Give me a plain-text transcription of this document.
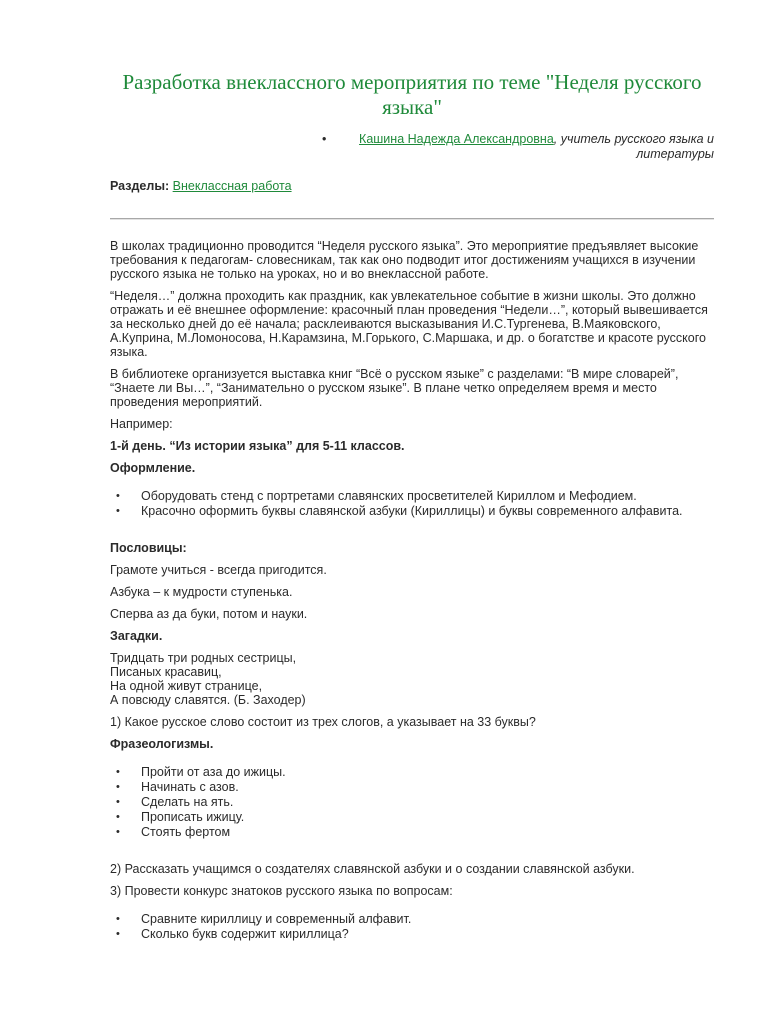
Разработка внеклассного мероприятия по теме "Неделя русского языка"
•	Кашина Надежда Александровна, учитель русского языка и литературы
Разделы: Внеклассная работа

В школах традиционно проводится “Неделя русского языка”. Это мероприятие предъявляет высокие требования к педагогам- словесникам, так как оно подводит итог достижениям учащихся в изучении русского языка не только на уроках, но и во внеклассной работе.

“Неделя…” должна проходить как праздник, как увлекательное событие в жизни школы. Это должно отражать и её внешнее оформление: красочный план проведения “Недели…”, который вывешивается за несколько дней до её начала; расклеиваются высказывания И.С.Тургенева, В.Маяковского, А.Куприна, М.Ломоносова, Н.Карамзина, М.Горького, С.Маршака, и др. о богатстве и красоте русского языка.

В библиотеке организуется выставка книг “Всё о русском языке” с разделами: “В мире словарей”, “Знаете ли Вы…”, “Занимательно о русском языке”. В плане четко определяем время и место проведения мероприятий.

Например:

1-й день. “Из истории языка” для 5-11 классов.

Оформление.

• Оборудовать стенд с портретами славянских просветителей Кириллом и Мефодием.
• Красочно оформить буквы славянской азбуки (Кириллицы) и буквы современного алфавита.

Пословицы:

Грамоте учиться - всегда пригодится.

Азбука – к мудрости ступенька.

Сперва аз да буки, потом и науки.

Загадки.

Тридцать три родных сестрицы,
Писаных красавиц,
На одной живут странице,
А повсюду славятся. (Б. Заходер)

1) Какое русское слово состоит из трех слогов, а указывает на 33 буквы?

Фразеологизмы.

• Пройти от аза до ижицы.
• Начинать с азов.
• Сделать на ять.
• Прописать ижицу.
• Стоять фертом

2) Рассказать учащимся о создателях славянской азбуки и о создании славянской азбуки.

3) Провести конкурс знатоков русского языка по вопросам:

• Сравните кириллицу и современный алфавит.
• Сколько букв содержит кириллица?
